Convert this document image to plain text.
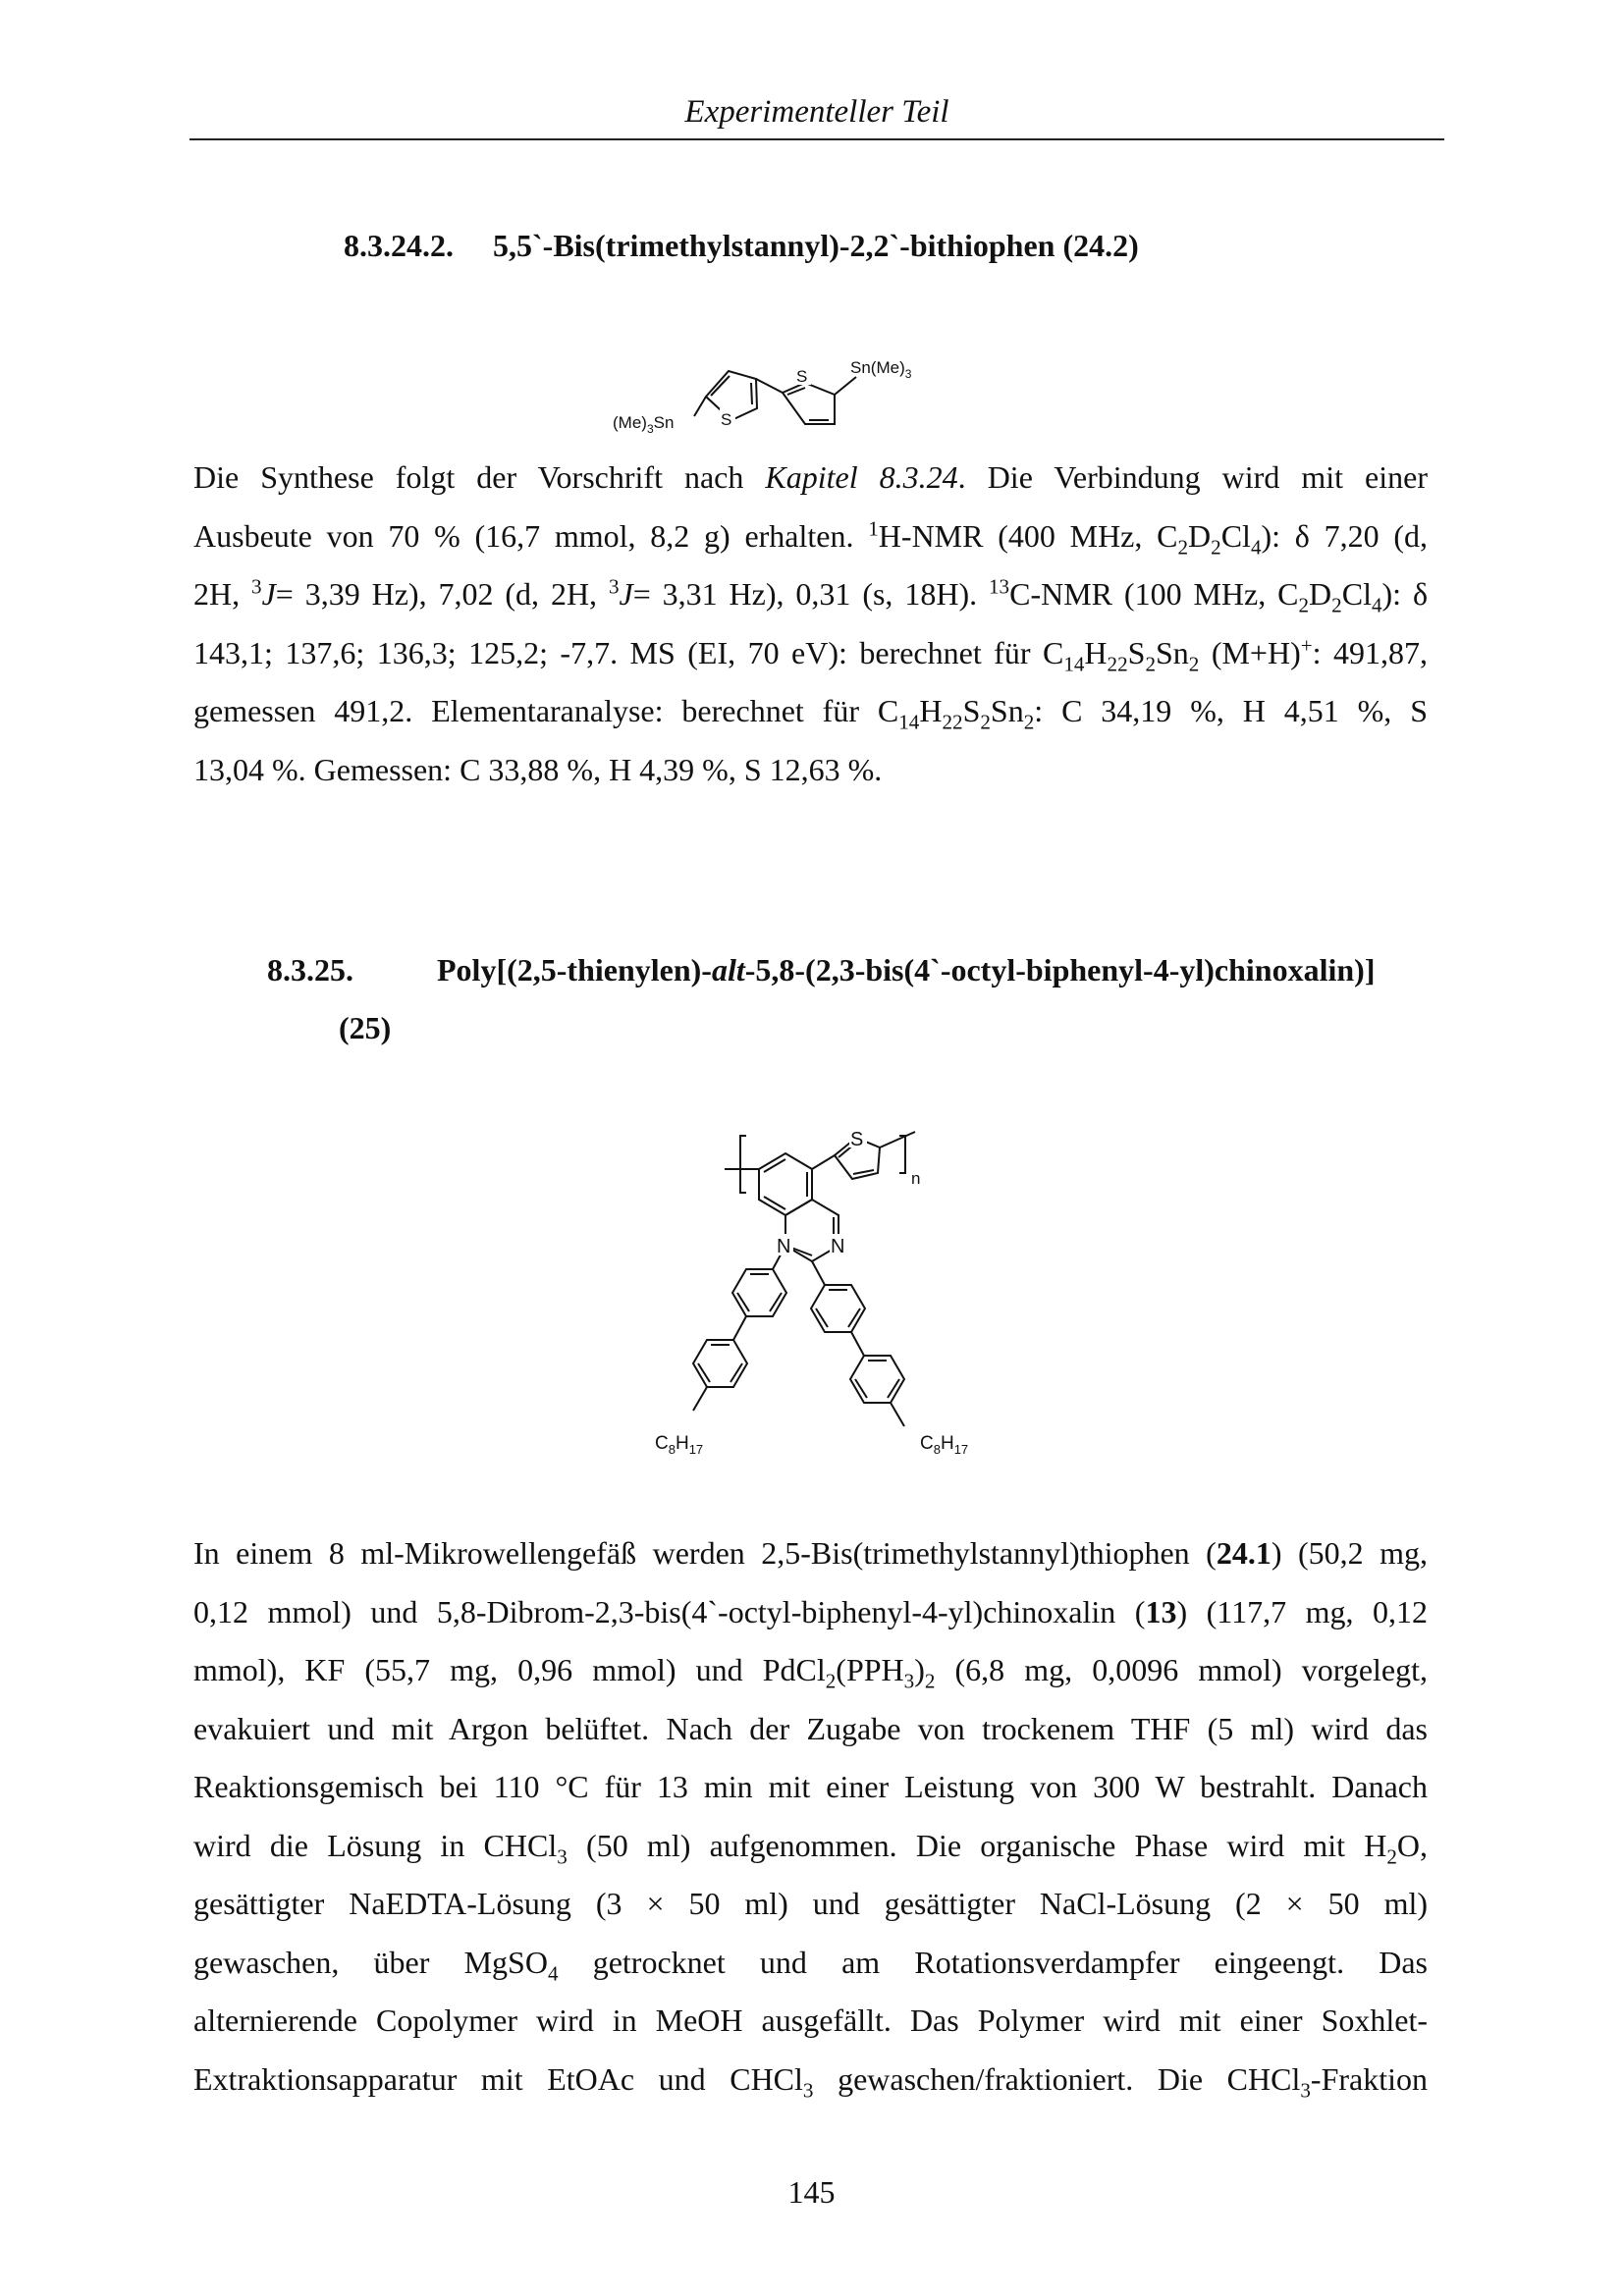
Experimenteller Teil
8.3.24.2. 5,5`-Bis(trimethylstannyl)-2,2`-bithiophen (24.2)
S
S
$(Me)_3Sn$
$Sn(Me)_3$
Die Synthese folgt der Vorschrift nach Kapitel 8.3.24. Die Verbindung wird mit einer
Ausbeute von 70 % (16,7 mmol, 8,2 g) erhalten. $^1$H-NMR (400 MHz, $C_2D_2Cl_4$): δ 7,20 (d,
2H, $^3$J= 3,39 Hz), 7,02 (d, 2H, $^3$J= 3,31 Hz), 0,31 (s, 18H). $^{13}$C-NMR (100 MHz, $C_2D_2Cl_4$): δ
143,1; 137,6; 136,3; 125,2; -7,7. MS (EI, 70 eV): berechnet für $C_{14}H_{22}S_2Sn_2$ (M+H)+: 491,87,
gemessen 491,2. Elementaranalyse: berechnet für $C_{14}H_{22}S_2Sn_2$: C 34,19 %, H 4,51 %, S
13,04 %. Gemessen: C 33,88 %, H 4,39 %, S 12,63 %.
8.3.25.	Poly[(2,5-thienylen)-alt-5,8-(2,3-bis(4`-octyl-biphenyl-4-yl)chinoxalin)]
(25)
S
n
N N
$C_8H_{17}$	$C_8H_{17}$
In einem 8 ml-Mikrowellengefäß werden 2,5-Bis(trimethylstannyl)thiophen (24.1) (50,2 mg,
0,12 mmol) und 5,8-Dibrom-2,3-bis(4`-octyl-biphenyl-4-yl)chinoxalin (13) (117,7 mg, 0,12
mmol), KF (55,7 mg, 0,96 mmol) und $PdCl_2(PPH_3)_2$ (6,8 mg, 0,0096 mmol) vorgelegt,
evakuiert und mit Argon belüftet. Nach der Zugabe von trockenem THF (5 ml) wird das
Reaktionsgemisch bei 110 °C für 13 min mit einer Leistung von 300 W bestrahlt. Danach
wird die Lösung in CHCl$_3$ (50 ml) aufgenommen. Die organische Phase wird mit $H_2O$,
gesättigter NaEDTA-Lösung (3 × 50 ml) und gesättigter NaCl-Lösung (2 × 50 ml)
gewaschen, über MgSO$_4$ getrocknet und am Rotationsverdampfer eingeengt. Das
alternierende Copolymer wird in MeOH ausgefällt. Das Polymer wird mit einer Soxhlet-
Extraktionsapparatur mit EtOAc und CHCl$_3$ gewaschen/fraktioniert. Die CHCl$_3$-Fraktion
145
